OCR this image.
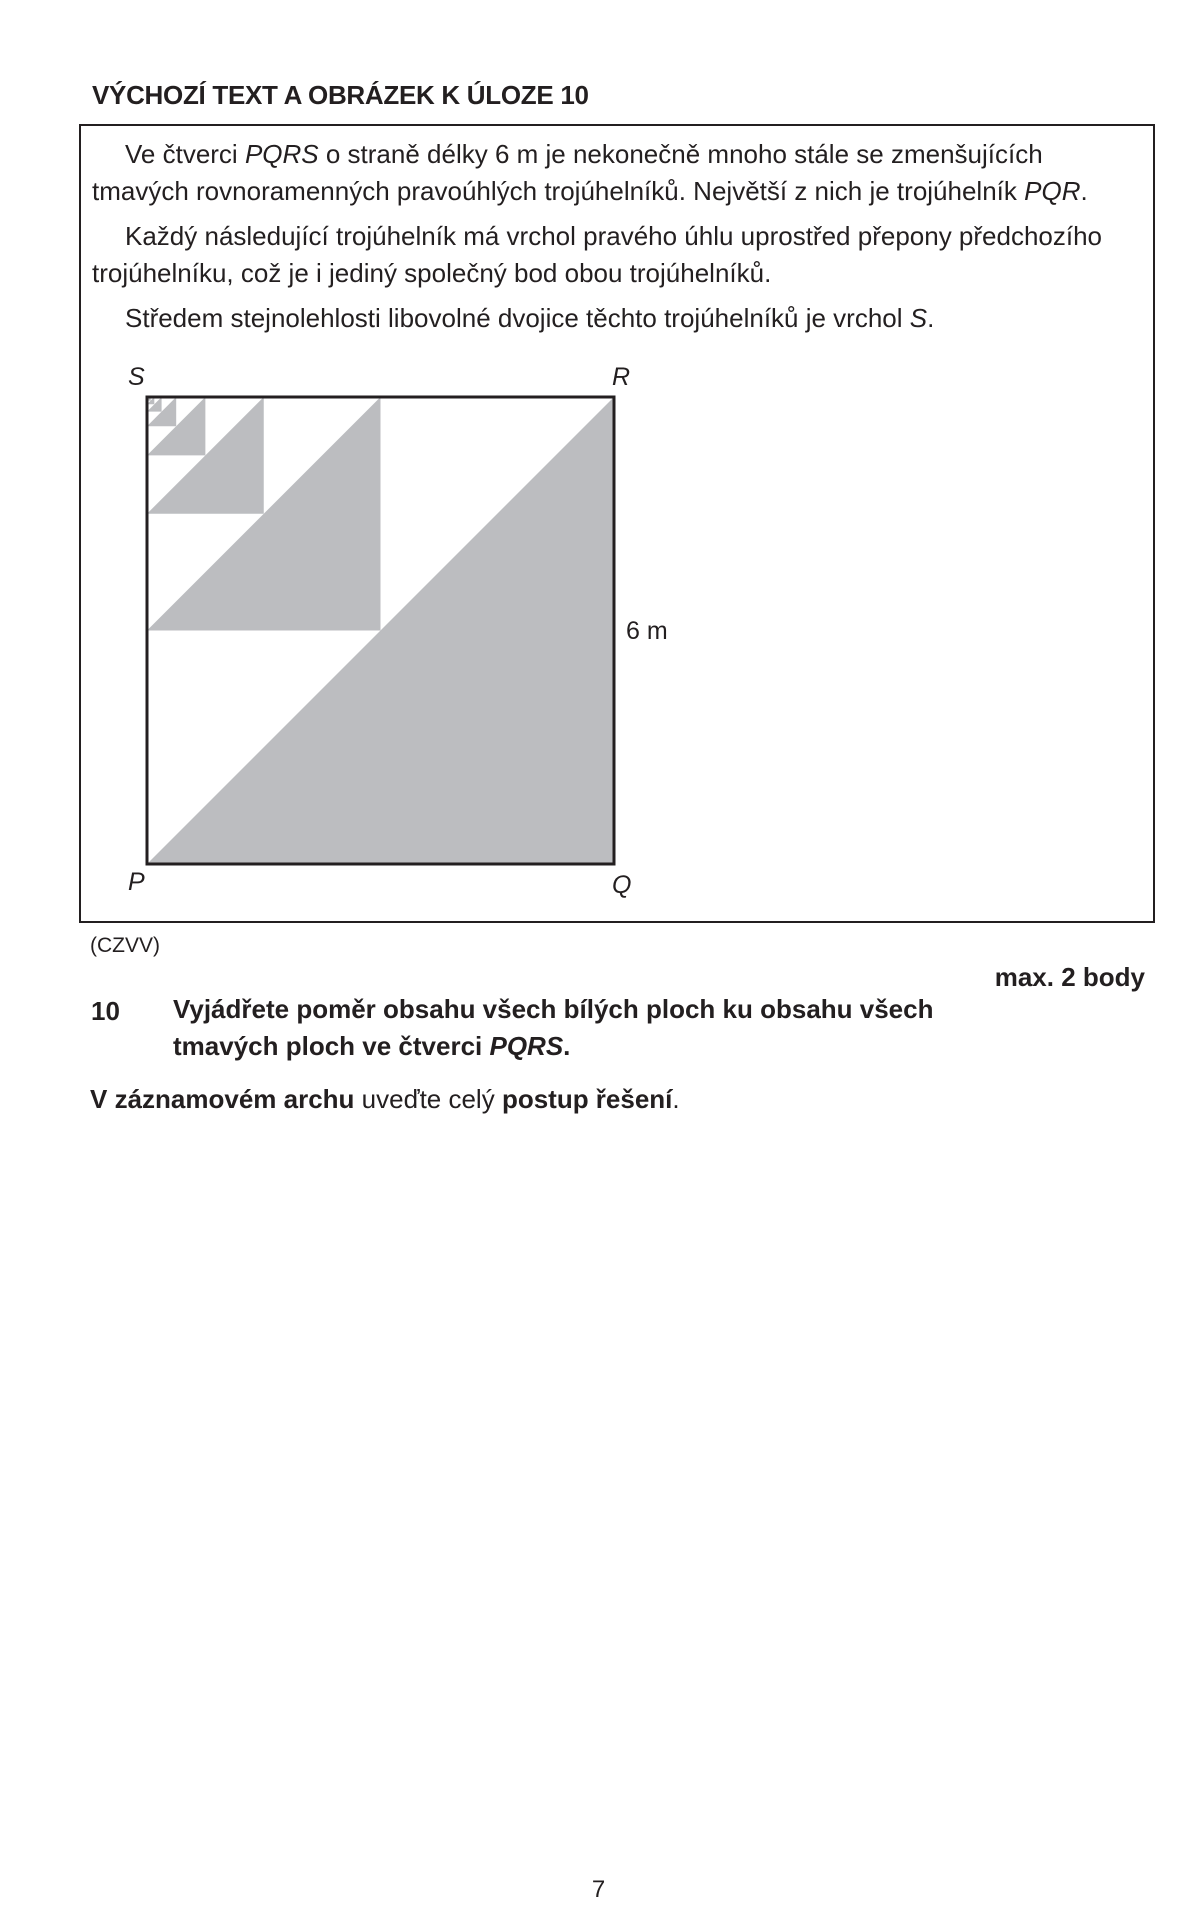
VÝCHOZÍ TEXT A OBRÁZEK K ÚLOZE 10

Ve čtverci PQRS o straně délky 6 m je nekonečně mnoho stále se zmenšujících tmavých rovnoramenných pravoúhlých trojúhelníků. Největší z nich je trojúhelník PQR.

Každý následující trojúhelník má vrchol pravého úhlu uprostřed přepony předchozího trojúhelníku, což je i jediný společný bod obou trojúhelníků.

Středem stejnolehlosti libovolné dvojice těchto trojúhelníků je vrchol S.

S	R
P	Q
6 m
(CZVV)
max. 2 body
10 Vyjádřete poměr obsahu všech bílých ploch ku obsahu všech tmavých ploch ve čtverci PQRS.
V záznamovém archu uveďte celý postup řešení.
7
